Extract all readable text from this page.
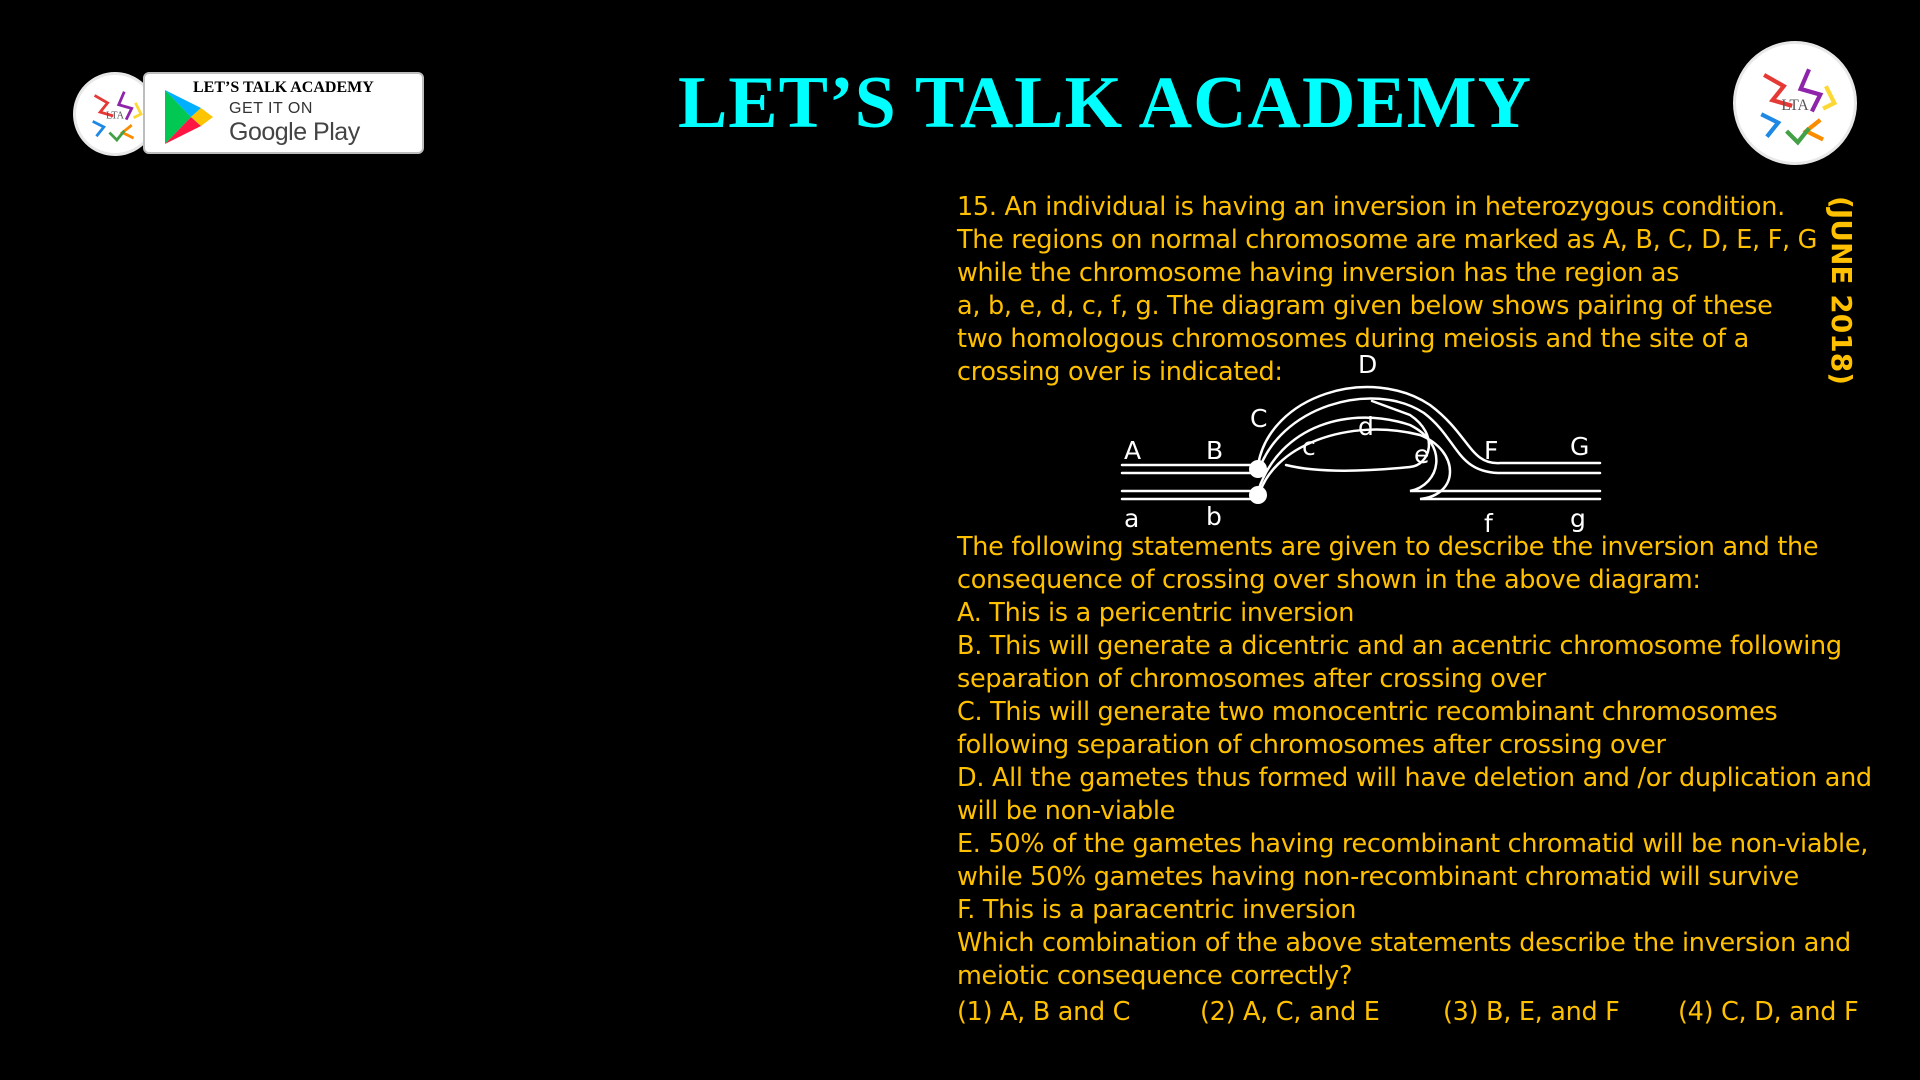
LTA
LET’S TALK ACADEMY
GET IT ON
Google Play	LET’S TALK ACADEMY	LTA
(JUNE 2018)
15. An individual is having an inversion in heterozygous condition.
The regions on normal chromosome are marked as A, B, C, D, E, F, G
while the chromosome having inversion has the region as
a, b, e, d, c, f, g. The diagram given below shows pairing of these
two homologous chromosomes during meiosis and the site of a
crossing over is indicated:
A	B
C
D
d
c	e F	G
a	b	f	g
The following statements are given to describe the inversion and the
consequence of crossing over shown in the above diagram:
A. This is a pericentric inversion
B. This will generate a dicentric and an acentric chromosome following
separation of chromosomes after crossing over
C. This will generate two monocentric recombinant chromosomes
following separation of chromosomes after crossing over
D. All the gametes thus formed will have deletion and /or duplication and
will be non-viable
E. 50% of the gametes having recombinant chromatid will be non-viable,
while 50% gametes having non-recombinant chromatid will survive
F. This is a paracentric inversion
Which combination of the above statements describe the inversion and
meiotic consequence correctly?
(1) A, B and C	(2) A, C, and E (3) B, E, and F (4) C, D, and F
